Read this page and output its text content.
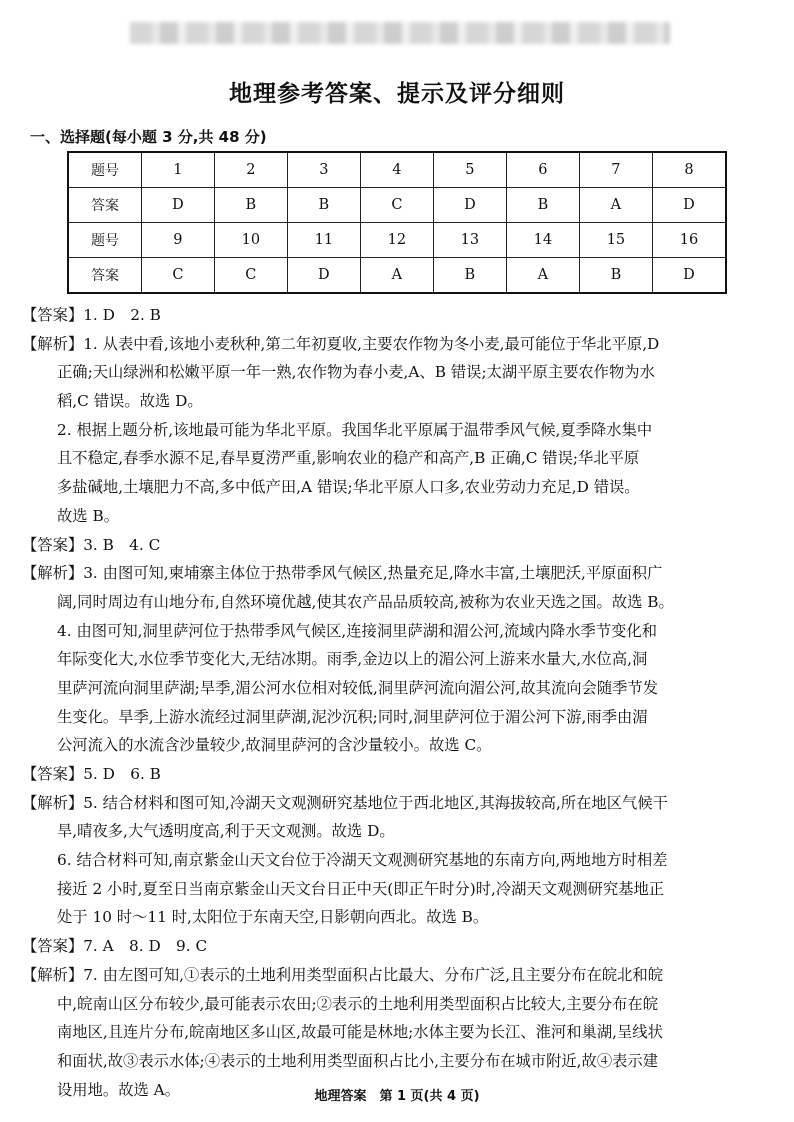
地理参考答案、提示及评分细则
一、选择题(每小题 3 分,共 48 分)
题号	1	2	3	4	5	6	7	8
答案	D	B	B	C	D	B	A	D
题号	9	10	11	12	13	14	15	16
答案	C	C	D	A	B	A	B	D
【答案】1. D　2. B
【解析】1. 从表中看,该地小麦秋种,第二年初夏收,主要农作物为冬小麦,最可能位于华北平原,D
正确;天山绿洲和松嫩平原一年一熟,农作物为春小麦,A、B 错误;太湖平原主要农作物为水
稻,C 错误。故选 D。
2. 根据上题分析,该地最可能为华北平原。我国华北平原属于温带季风气候,夏季降水集中
且不稳定,春季水源不足,春旱夏涝严重,影响农业的稳产和高产,B 正确,C 错误;华北平原
多盐碱地,土壤肥力不高,多中低产田,A 错误;华北平原人口多,农业劳动力充足,D 错误。
故选 B。
【答案】3. B　4. C
【解析】3. 由图可知,柬埔寨主体位于热带季风气候区,热量充足,降水丰富,土壤肥沃,平原面积广
阔,同时周边有山地分布,自然环境优越,使其农产品品质较高,被称为农业天选之国。故选 B。
4. 由图可知,洞里萨河位于热带季风气候区,连接洞里萨湖和湄公河,流域内降水季节变化和
年际变化大,水位季节变化大,无结冰期。雨季,金边以上的湄公河上游来水量大,水位高,洞
里萨河流向洞里萨湖;旱季,湄公河水位相对较低,洞里萨河流向湄公河,故其流向会随季节发
生变化。旱季,上游水流经过洞里萨湖,泥沙沉积;同时,洞里萨河位于湄公河下游,雨季由湄
公河流入的水流含沙量较少,故洞里萨河的含沙量较小。故选 C。
【答案】5. D　6. B
【解析】5. 结合材料和图可知,冷湖天文观测研究基地位于西北地区,其海拔较高,所在地区气候干
旱,晴夜多,大气透明度高,利于天文观测。故选 D。
6. 结合材料可知,南京紫金山天文台位于冷湖天文观测研究基地的东南方向,两地地方时相差
接近 2 小时,夏至日当南京紫金山天文台日正中天(即正午时分)时,冷湖天文观测研究基地正
处于 10 时～11 时,太阳位于东南天空,日影朝向西北。故选 B。
【答案】7. A　8. D　9. C
【解析】7. 由左图可知,①表示的土地利用类型面积占比最大、分布广泛,且主要分布在皖北和皖
中,皖南山区分布较少,最可能表示农田;②表示的土地利用类型面积占比较大,主要分布在皖
南地区,且连片分布,皖南地区多山区,故最可能是林地;水体主要为长江、淮河和巢湖,呈线状
和面状,故③表示水体;④表示的土地利用类型面积占比小,主要分布在城市附近,故④表示建
设用地。故选 A。	地理答案　第 1 页(共 4 页)
